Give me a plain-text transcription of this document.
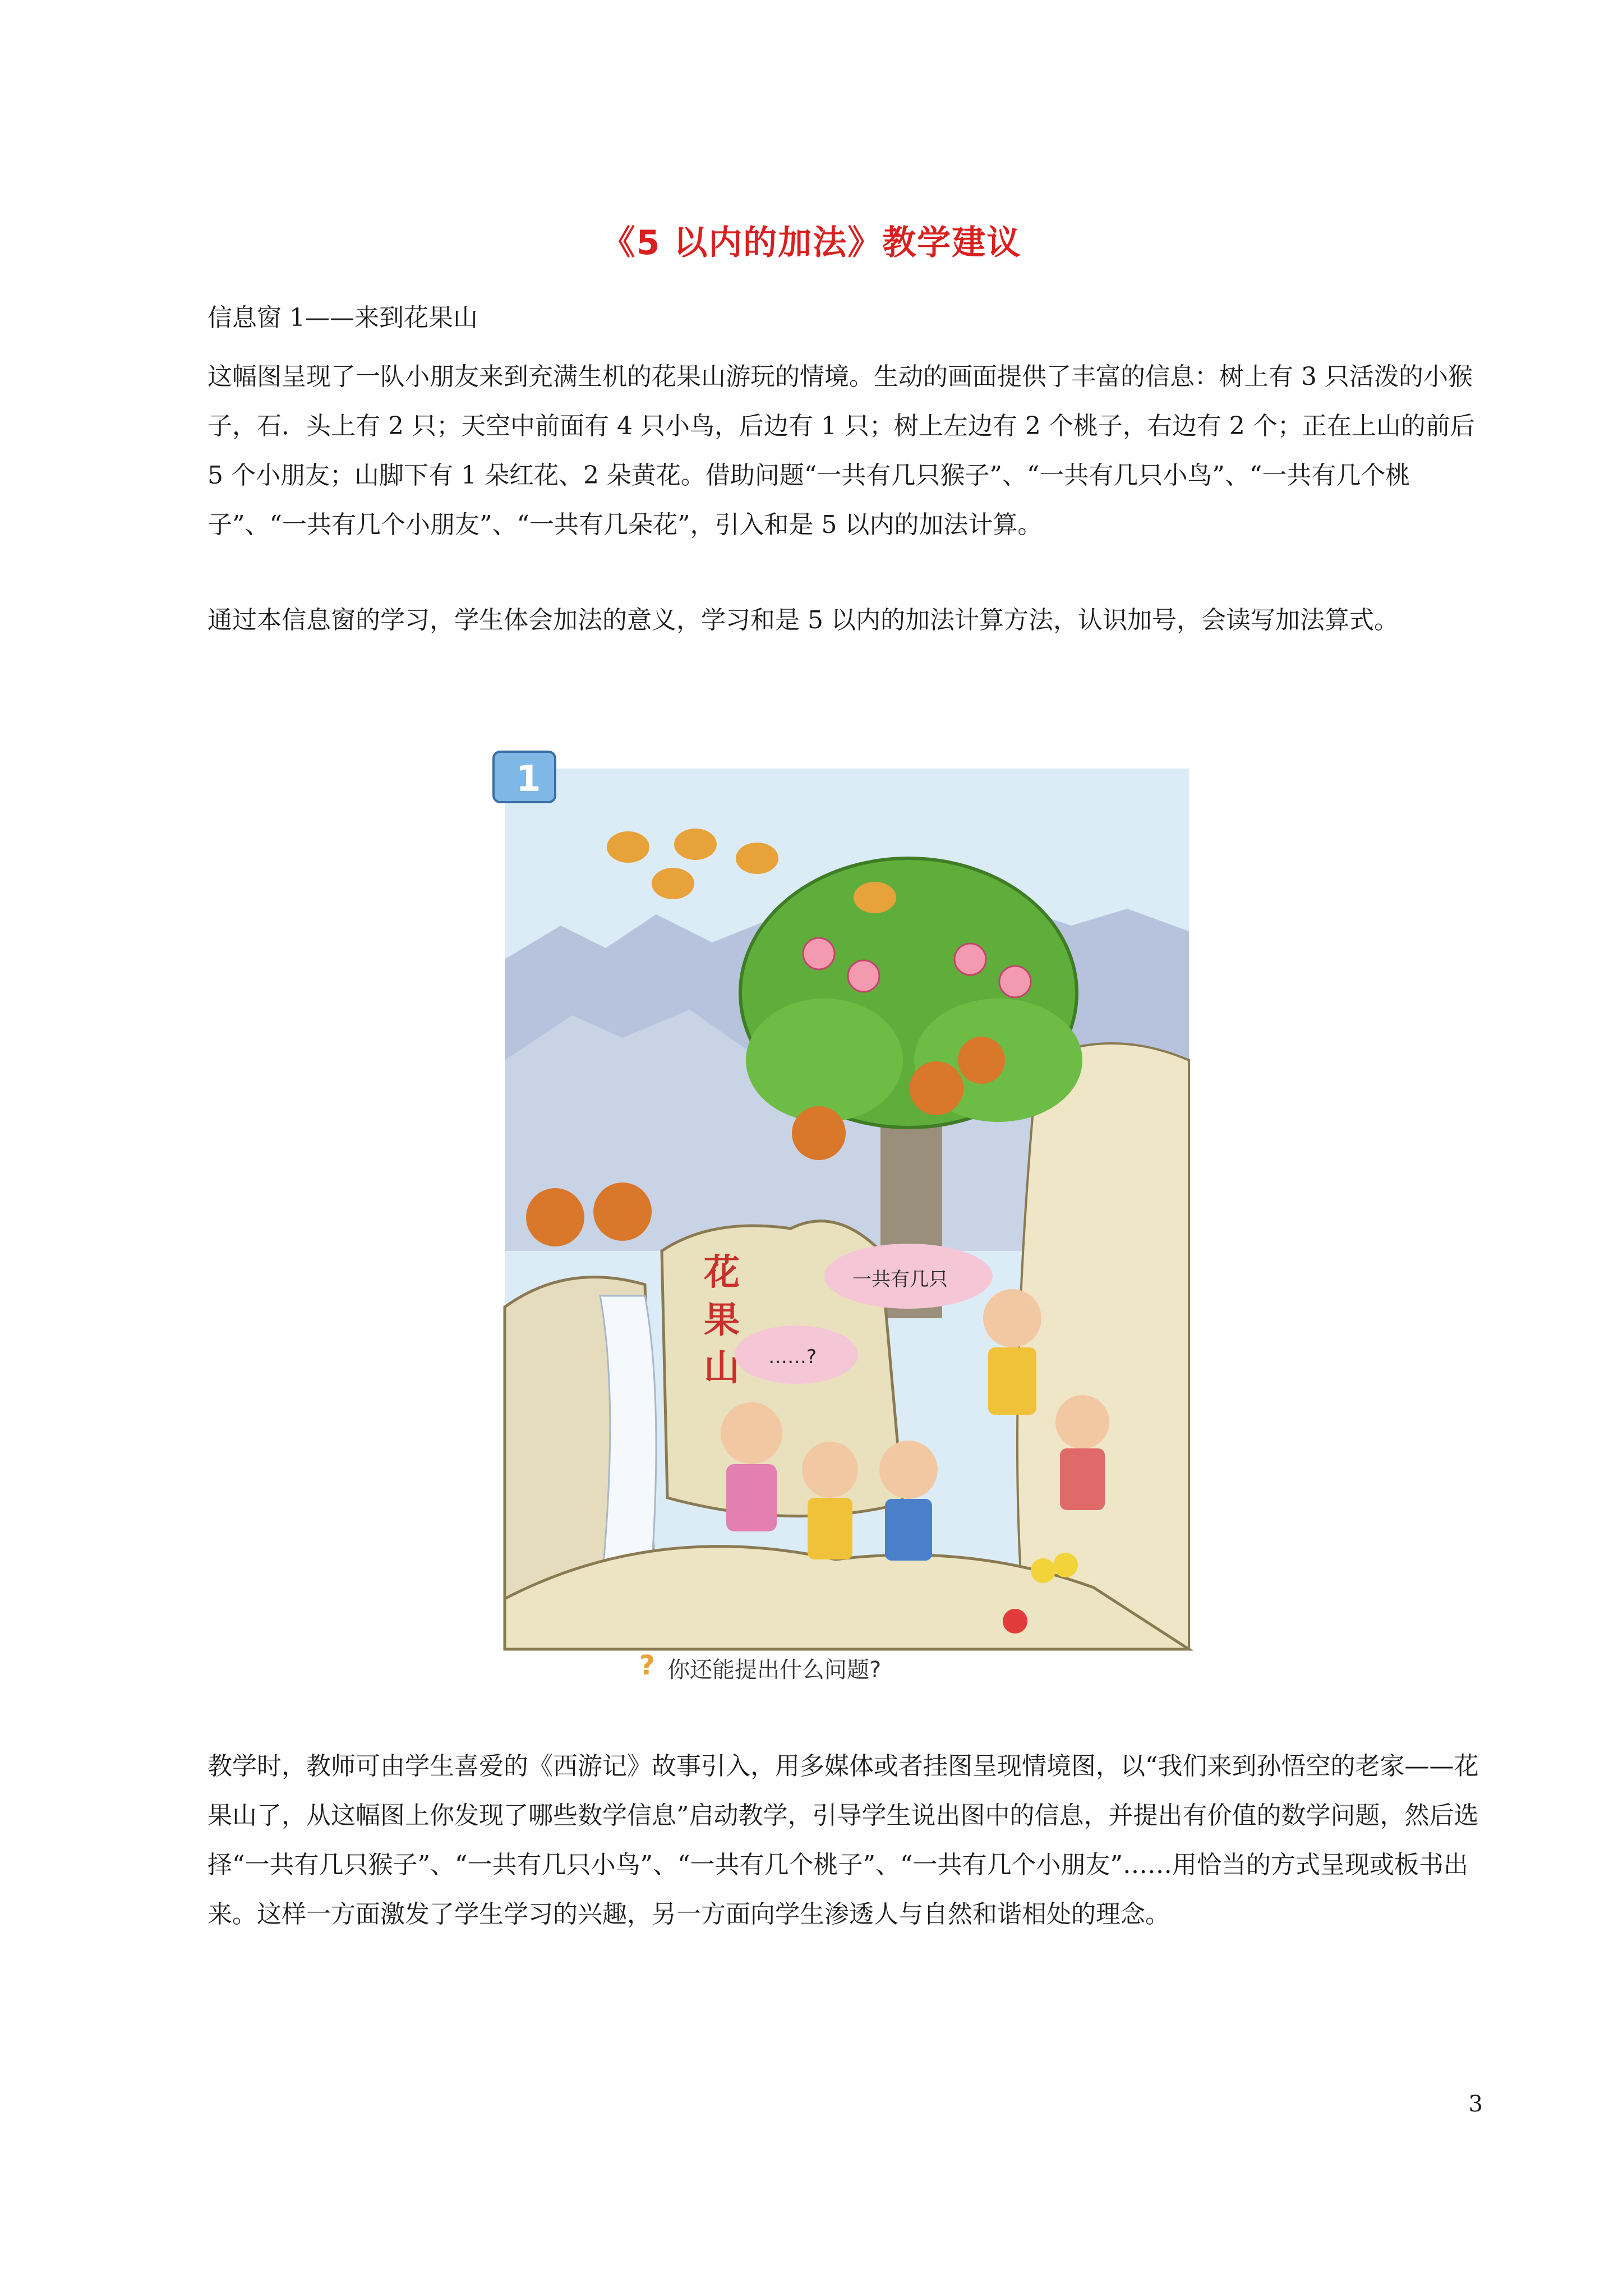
《5 以内的加法》教学建议
信息窗 1——来到花果山

这幅图呈现了一队小朋友来到充满生机的花果山游玩的情境。生动的画面提供了丰富的信息：树上有 3 只活泼的小猴子，石．头上有 2 只；天空中前面有 4 只小鸟，后边有 1 只；树上左边有 2 个桃子，右边有 2 个；正在上山的前后 5 个小朋友；山脚下有 1 朵红花、2 朵黄花。借助问题“一共有几只猴子”、“一共有几只小鸟”、“一共有几个桃子”、“一共有几个小朋友”、“一共有几朵花”，引入和是 5 以内的加法计算。

通过本信息窗的学习，学生体会加法的意义，学习和是 5 以内的加法计算方法，认识加号，会读写加法算式。

花
果
山
一共有几只
……?
1
? 你还能提出什么问题?

教学时，教师可由学生喜爱的《西游记》故事引入，用多媒体或者挂图呈现情境图，以“我们来到孙悟空的老家——花果山了，从这幅图上你发现了哪些数学信息”启动教学，引导学生说出图中的信息，并提出有价值的数学问题，然后选择“一共有几只猴子”、“一共有几只小鸟”、“一共有几个桃子”、“一共有几个小朋友”……用恰当的方式呈现或板书出来。这样一方面激发了学生学习的兴趣，另一方面向学生渗透人与自然和谐相处的理念。

3
